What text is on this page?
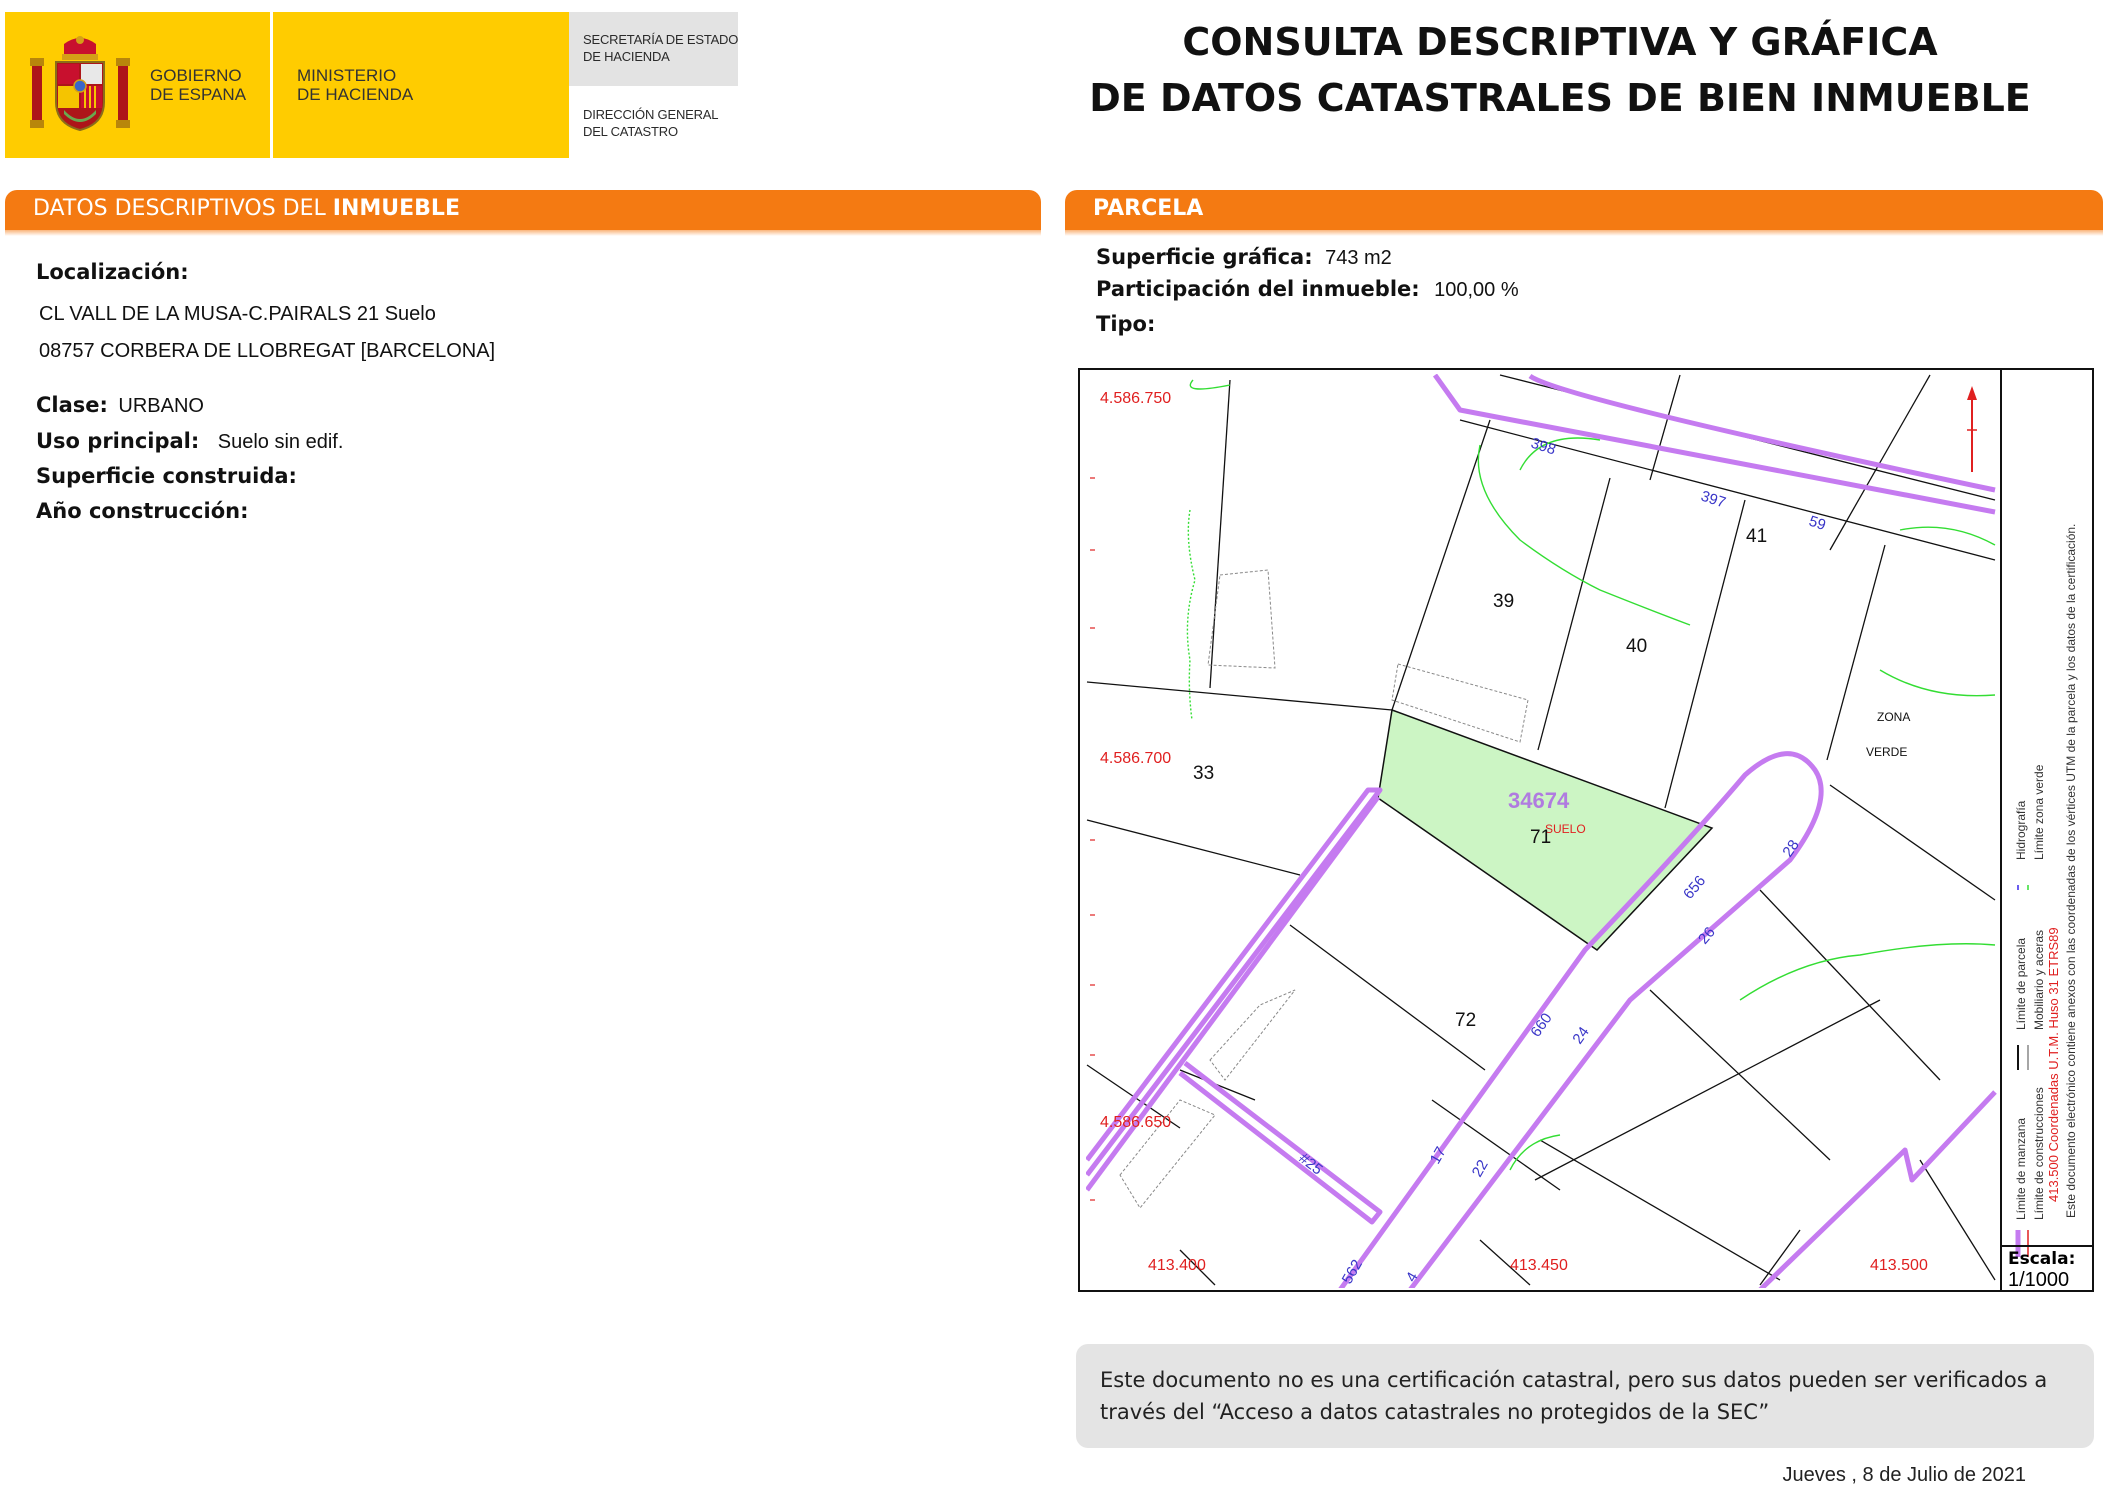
GOBIERNO
DE ESPANA
MINISTERIO
DE HACIENDA
SECRETARÍA DE ESTADO
DE HACIENDA
DIRECCIÓN GENERAL
DEL CATASTRO
CONSULTA DESCRIPTIVA Y GRÁFICA
DE DATOS CATASTRALES DE BIEN INMUEBLE
DATOS DESCRIPTIVOS DEL INMUEBLE
Localización:
CL VALL DE LA MUSA-C.PAIRALS 21 Suelo
08757 CORBERA DE LLOBREGAT [BARCELONA]
Clase: URBANO
Uso principal: Suelo sin edif.
Superficie construida:
Año construcción:
PARCELA
Superficie gráfica: 743 m2
Participación del inmueble: 100,00 %
Tipo:
4.586.750
4.586.700
4.586.650
413.400	413.450	413.500
34674
SUELO
71
39
40
41
33
72
ZONA
VERDE
398
397
59
28
656
26
660 24
17
22
562 4
#25	Límite de manzana Límite de construcciones
Límite de parcela Mobiliario y aceras
Hidrografía Límite zona verde
413.500 Coordenadas U.T.M. Huso 31 ETRS89 Este documento electrónico contiene anexos con las coordenadas de los vértices UTM de la parcela y los datos de la certificación.
Escala:
1/1000
Este documento no es una certificación catastral, pero sus datos pueden ser verificados a
través del “Acceso a datos catastrales no protegidos de la SEC”
Jueves , 8 de Julio de 2021
